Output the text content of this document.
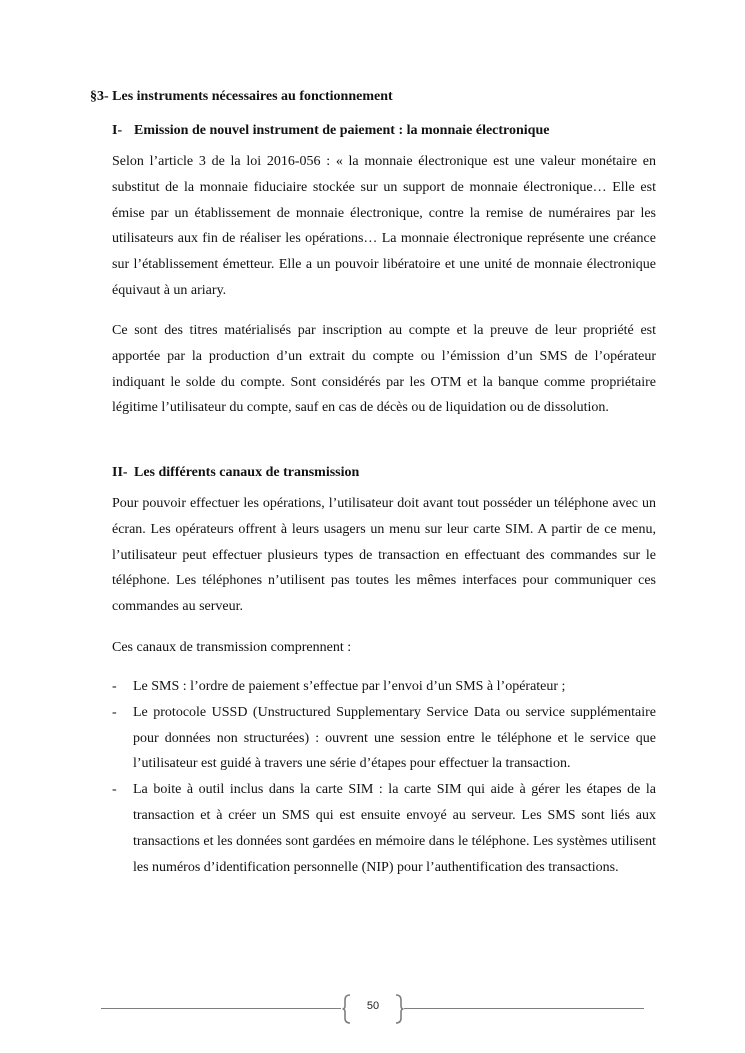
§3- Les instruments nécessaires au fonctionnement
I- Emission de nouvel instrument de paiement : la monnaie électronique

Selon l’article 3 de la loi 2016-056 : « la monnaie électronique est une valeur monétaire en substitut de la monnaie fiduciaire stockée sur un support de monnaie électronique… Elle est émise par un établissement de monnaie électronique, contre la remise de numéraires par les utilisateurs aux fin de réaliser les opérations… La monnaie électronique représente une créance sur l’établissement émetteur. Elle a un pouvoir libératoire et une unité de monnaie électronique équivaut à un ariary.

Ce sont des titres matérialisés par inscription au compte et la preuve de leur propriété est apportée par la production d’un extrait du compte ou l’émission d’un SMS de l’opérateur indiquant le solde du compte. Sont considérés par les OTM et la banque comme propriétaire légitime l’utilisateur du compte, sauf en cas de décès ou de liquidation ou de dissolution.

II- Les différents canaux de transmission

Pour pouvoir effectuer les opérations, l’utilisateur doit avant tout posséder un téléphone avec un écran. Les opérateurs offrent à leurs usagers un menu sur leur carte SIM. A partir de ce menu, l’utilisateur peut effectuer plusieurs types de transaction en effectuant des commandes sur le téléphone. Les téléphones n’utilisent pas toutes les mêmes interfaces pour communiquer ces commandes au serveur.

Ces canaux de transmission comprennent :

- Le SMS : l’ordre de paiement s’effectue par l’envoi d’un SMS à l’opérateur ;
- Le protocole USSD (Unstructured Supplementary Service Data ou service supplémentaire pour données non structurées) : ouvrent une session entre le téléphone et le service que l’utilisateur est guidé à travers une série d’étapes pour effectuer la transaction.
- La boite à outil inclus dans la carte SIM : la carte SIM qui aide à gérer les étapes de la transaction et à créer un SMS qui est ensuite envoyé au serveur. Les SMS sont liés aux transactions et les données sont gardées en mémoire dans le téléphone. Les systèmes utilisent les numéros d’identification personnelle (NIP) pour l’authentification des transactions.
50
